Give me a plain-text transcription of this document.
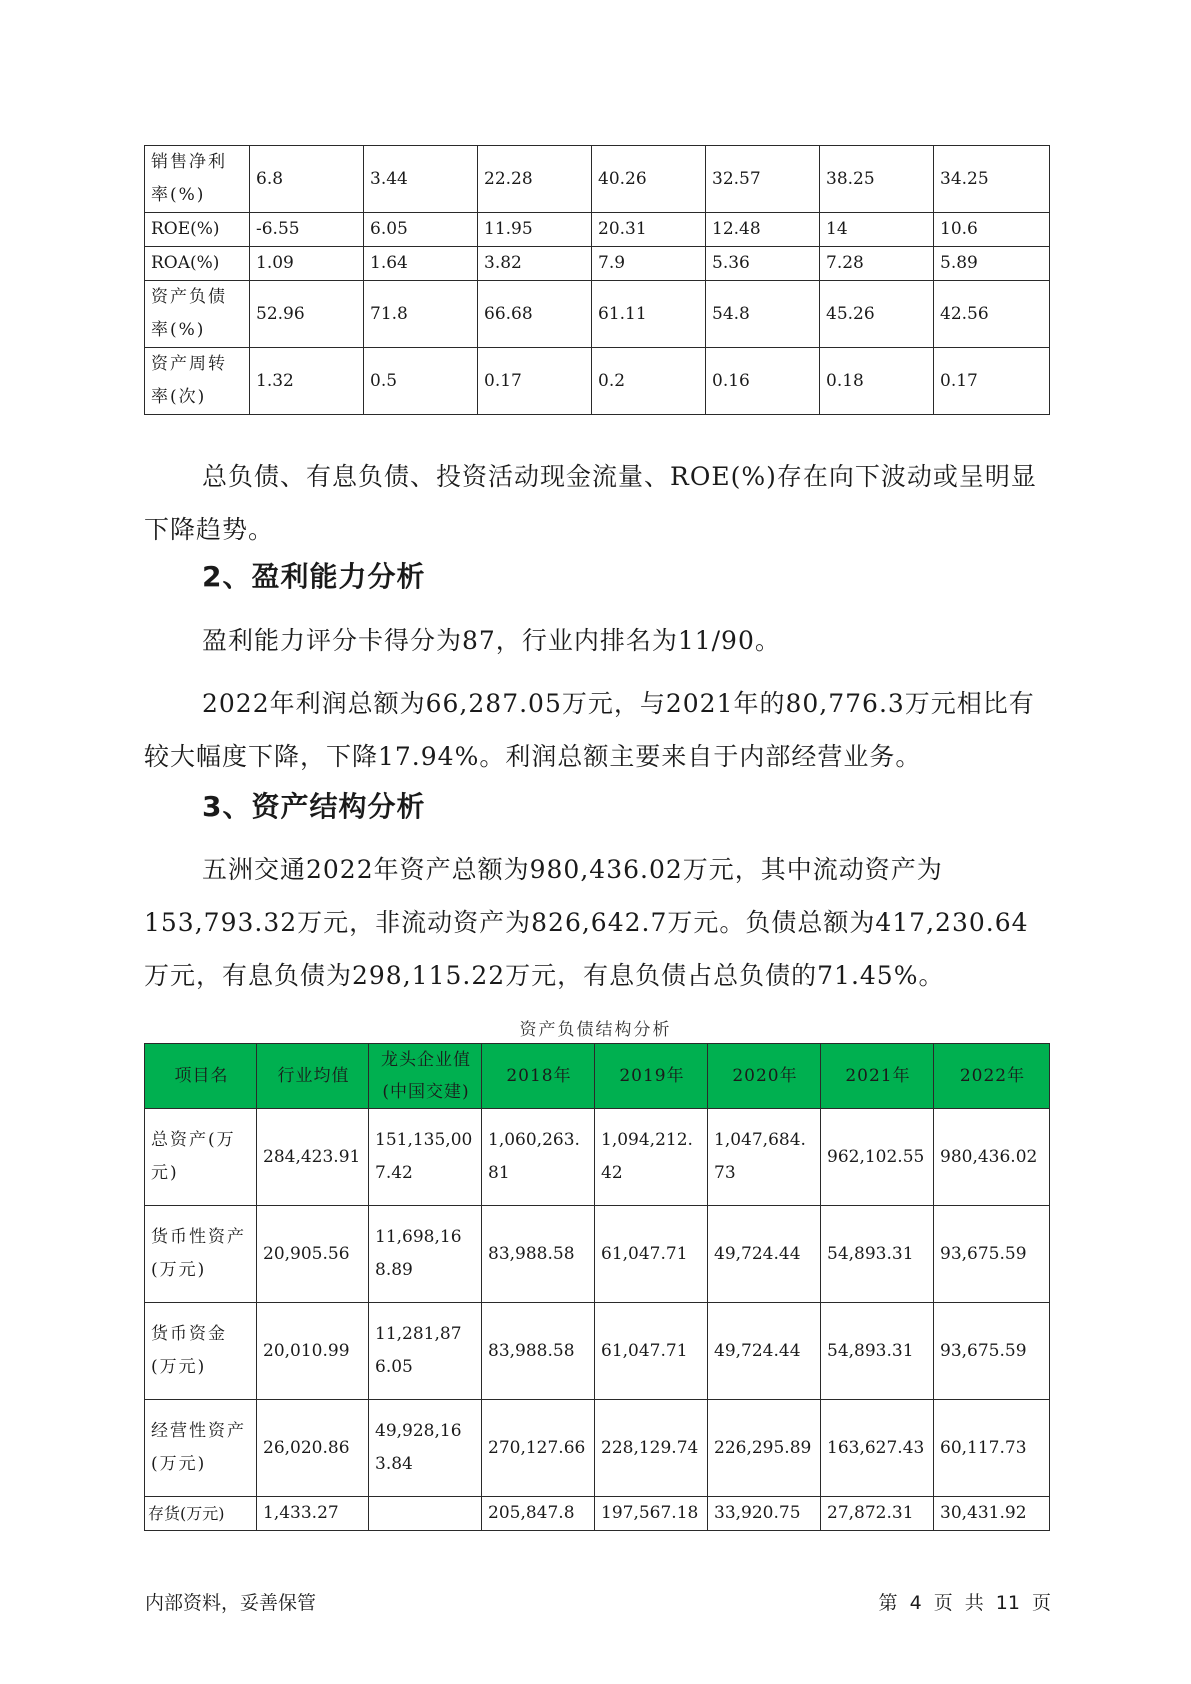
销售净利率(%)	6.8	3.44	22.28	40.26	32.57	38.25	34.25
ROE(%)	-6.55	6.05	11.95	20.31	12.48	14	10.6
ROA(%)	1.09	1.64	3.82	7.9	5.36	7.28	5.89
资产负债率(%)	52.96	71.8	66.68	61.11	54.8	45.26	42.56
资产周转率(次)	1.32	0.5	0.17	0.2	0.16	0.18	0.17

总负债、有息负债、投资活动现金流量、ROE(%)存在向下波动或呈明显下降趋势。

2、盈利能力分析

盈利能力评分卡得分为87，行业内排名为11/90。

2022年利润总额为66,287.05万元，与2021年的80,776.3万元相比有较大幅度下降，下降17.94%。利润总额主要来自于内部经营业务。

3、资产结构分析

五洲交通2022年资产总额为980,436.02万元，其中流动资产为153,793.32万元，非流动资产为826,642.7万元。负债总额为417,230.64万元，有息负债为298,115.22万元，有息负债占总负债的71.45%。

资产负债结构分析
项目名	行业均值	龙头企业值(中国交建)	2018年	2019年	2020年	2021年	2022年
总资产(万元)	284,423.91	151,135,007.42	1,060,263.81	1,094,212.42	1,047,684.73	962,102.55	980,436.02
货币性资产(万元)	20,905.56	11,698,168.89	83,988.58	61,047.71	49,724.44	54,893.31	93,675.59
货币资金(万元)	20,010.99	11,281,876.05	83,988.58	61,047.71	49,724.44	54,893.31	93,675.59
经营性资产(万元)	26,020.86	49,928,163.84	270,127.66	228,129.74	226,295.89	163,627.43	60,117.73
存货(万元)	1,433.27		205,847.8	197,567.18	33,920.75	27,872.31	30,431.92
内部资料，妥善保管	第 4 页 共 11 页
